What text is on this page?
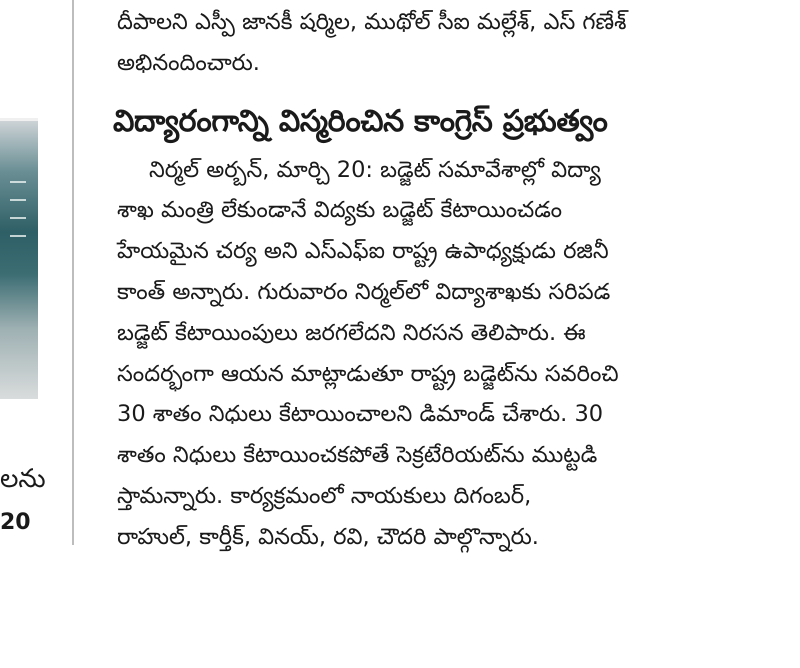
లను
20

దీపాలని ఎస్పీ జానకీ షర్మిల, ముథోల్ సీఐ మల్లేశ్, ఎస్ గణేశ్
అభినందించారు.

విద్యారంగాన్ని విస్మరించిన కాంగ్రెస్ ప్రభుత్వం

నిర్మల్ అర్బన్, మార్చి 20: బడ్జెట్ సమావేశాల్లో విద్యా
శాఖ మంత్రి లేకుండానే విద్యకు బడ్జెట్ కేటాయించడం
హేయమైన చర్య అని ఎస్ఎఫ్ఐ రాష్ట్ర ఉపాధ్యక్షుడు రజినీ
కాంత్ అన్నారు. గురువారం నిర్మల్‌లో విద్యాశాఖకు సరిపడ
బడ్జెట్ కేటాయింపులు జరగలేదని నిరసన తెలిపారు. ఈ
సందర్భంగా ఆయన మాట్లాడుతూ రాష్ట్ర బడ్జెట్‌ను సవరించి
30 శాతం నిధులు కేటాయించాలని డిమాండ్ చేశారు. 30
శాతం నిధులు కేటాయించకపోతే సెక్రటేరియట్‌ను ముట్టడి
స్తామన్నారు. కార్యక్రమంలో నాయకులు దిగంబర్,
రాహుల్, కార్తీక్, వినయ్, రవి, చౌదరి పాల్గొన్నారు.
